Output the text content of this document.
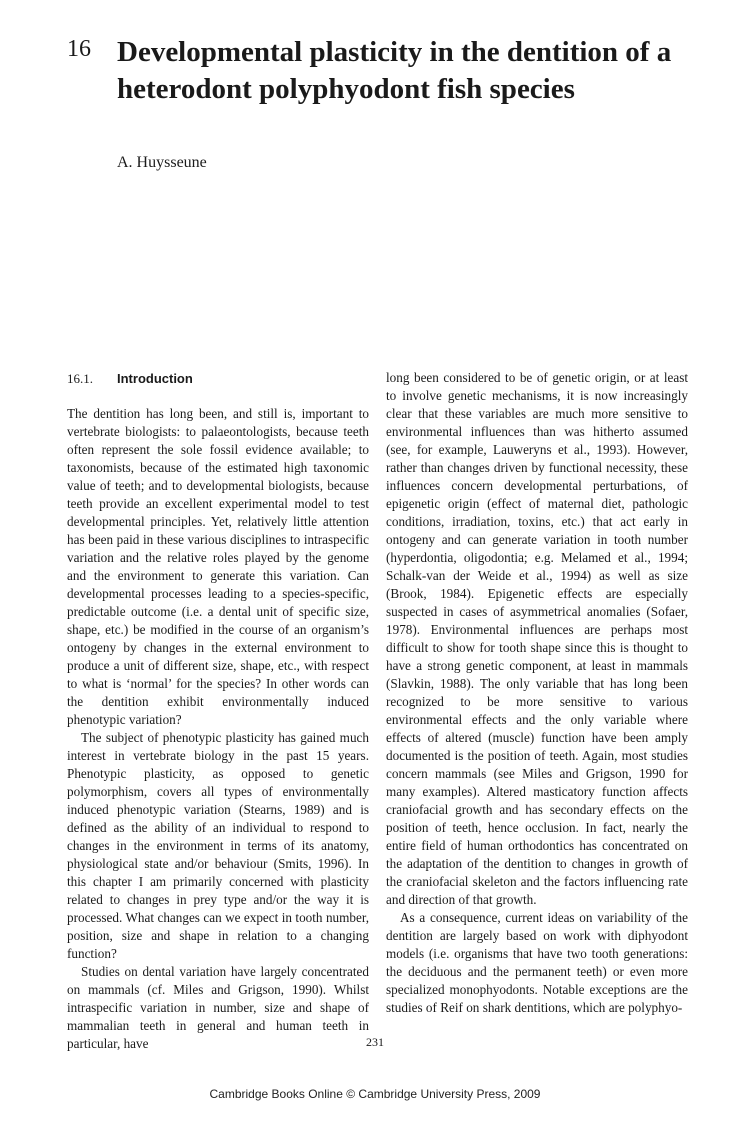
16 Developmental plasticity in the dentition of a heterodont polyphyodont fish species
A. Huysseune
16.1. Introduction

The dentition has long been, and still is, important to vertebrate biologists: to palaeontologists, because teeth often represent the sole fossil evidence available; to taxonomists, because of the estimated high taxonomic value of teeth; and to developmental biologists, because teeth provide an excellent experimental model to test developmental principles. Yet, relatively little attention has been paid in these various disciplines to intraspecific variation and the relative roles played by the genome and the environment to generate this variation. Can developmental processes leading to a species-specific, predictable outcome (i.e. a dental unit of specific size, shape, etc.) be modified in the course of an organism’s ontogeny by changes in the external environment to produce a unit of different size, shape, etc., with respect to what is ‘normal’ for the species? In other words can the dentition exhibit environmentally induced phenotypic variation?

The subject of phenotypic plasticity has gained much interest in vertebrate biology in the past 15 years. Phenotypic plasticity, as opposed to genetic polymorphism, covers all types of environmentally induced phenotypic variation (Stearns, 1989) and is defined as the ability of an individual to respond to changes in the environment in terms of its anatomy, physiological state and/or behaviour (Smits, 1996). In this chapter I am primarily concerned with plasticity related to changes in prey type and/or the way it is processed. What changes can we expect in tooth number, position, size and shape in relation to a changing function?

Studies on dental variation have largely concentrated on mammals (cf. Miles and Grigson, 1990). Whilst intraspecific variation in number, size and shape of mammalian teeth in general and human teeth in particular, have

long been considered to be of genetic origin, or at least to involve genetic mechanisms, it is now increasingly clear that these variables are much more sensitive to environmental influences than was hitherto assumed (see, for example, Lauweryns et al., 1993). However, rather than changes driven by functional necessity, these influences concern developmental perturbations, of epigenetic origin (effect of maternal diet, pathologic conditions, irradiation, toxins, etc.) that act early in ontogeny and can generate variation in tooth number (hyperdontia, oligodontia; e.g. Melamed et al., 1994; Schalk-van der Weide et al., 1994) as well as size (Brook, 1984). Epigenetic effects are especially suspected in cases of asymmetrical anomalies (Sofaer, 1978). Environmental influences are perhaps most difficult to show for tooth shape since this is thought to have a strong genetic component, at least in mammals (Slavkin, 1988). The only variable that has long been recognized to be more sensitive to various environmental effects and the only variable where effects of altered (muscle) function have been amply documented is the position of teeth. Again, most studies concern mammals (see Miles and Grigson, 1990 for many examples). Altered masticatory function affects craniofacial growth and has secondary effects on the position of teeth, hence occlusion. In fact, nearly the entire field of human orthodontics has concentrated on the adaptation of the dentition to changes in growth of the craniofacial skeleton and the factors influencing rate and direction of that growth.

As a consequence, current ideas on variability of the dentition are largely based on work with diphyodont models (i.e. organisms that have two tooth generations: the deciduous and the permanent teeth) or even more specialized monophyodonts. Notable exceptions are the studies of Reif on shark dentitions, which are polyphyo-

231
Cambridge Books Online © Cambridge University Press, 2009
